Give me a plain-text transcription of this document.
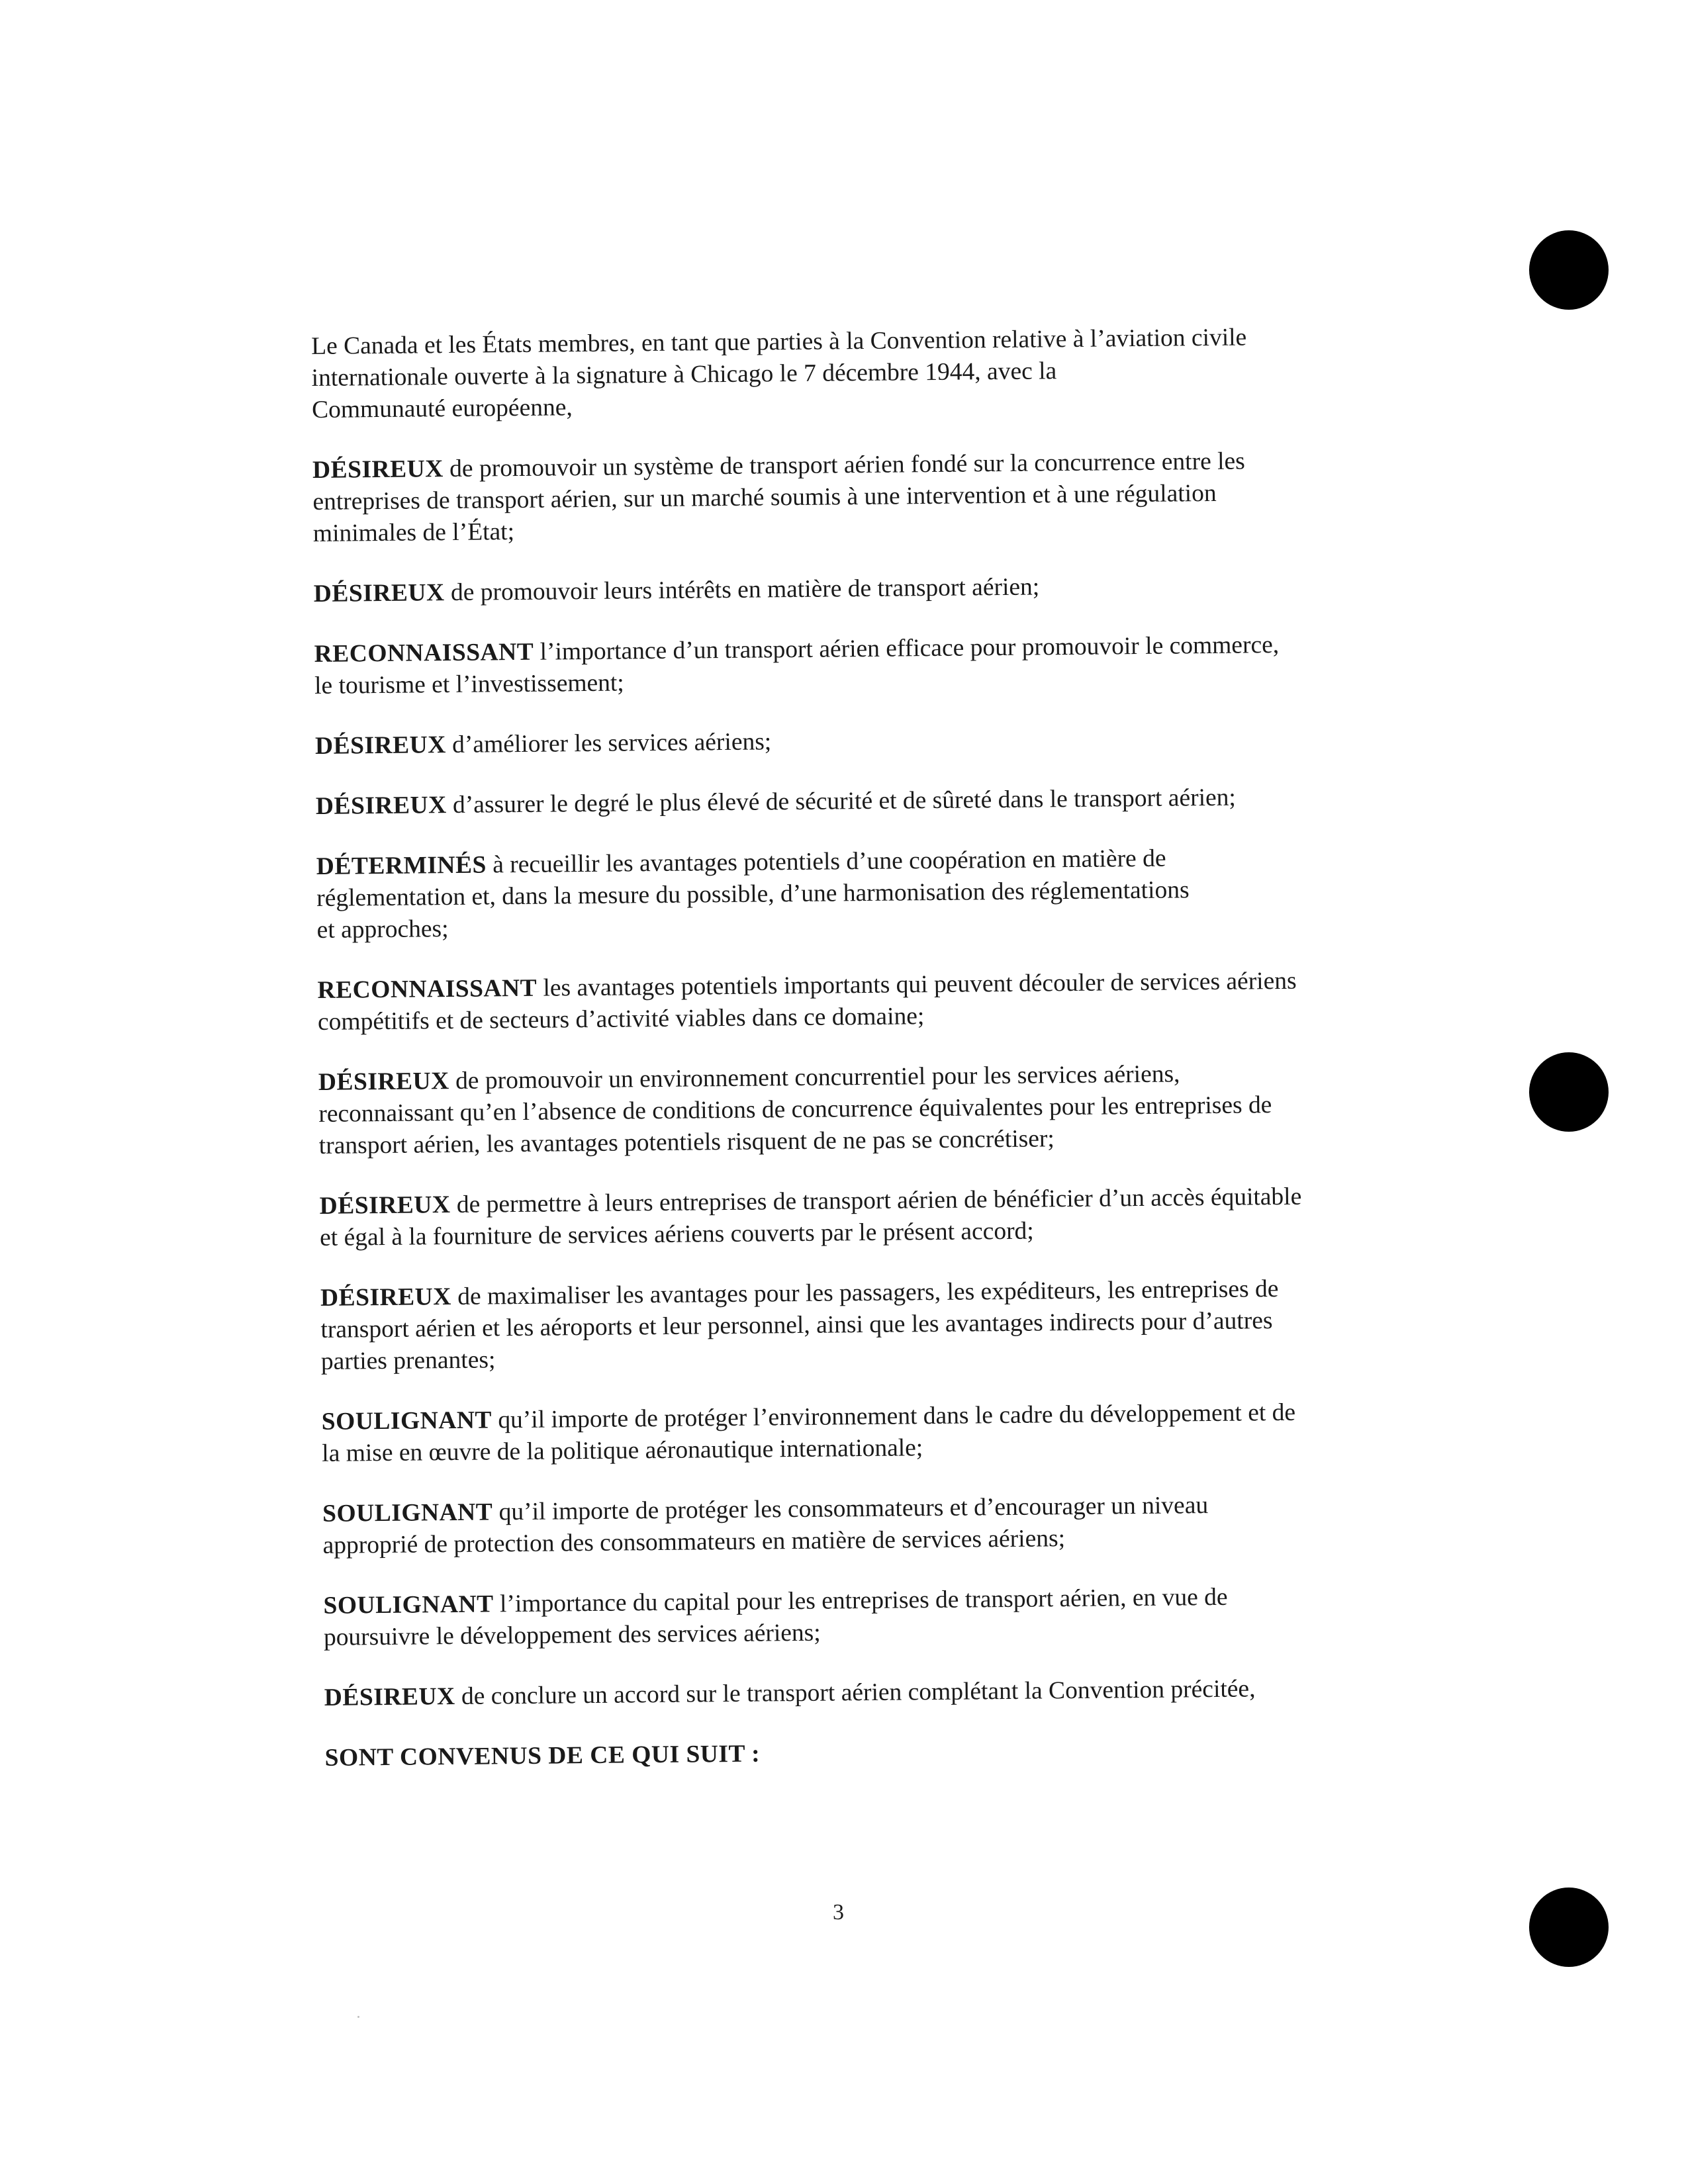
Le Canada et les États membres, en tant que parties à la Convention relative à l’aviation civile
internationale ouverte à la signature à Chicago le 7 décembre 1944, avec la
Communauté européenne,

DÉSIREUX de promouvoir un système de transport aérien fondé sur la concurrence entre les
entreprises de transport aérien, sur un marché soumis à une intervention et à une régulation
minimales de l’État;

DÉSIREUX de promouvoir leurs intérêts en matière de transport aérien;

RECONNAISSANT l’importance d’un transport aérien efficace pour promouvoir le commerce,
le tourisme et l’investissement;

DÉSIREUX d’améliorer les services aériens;

DÉSIREUX d’assurer le degré le plus élevé de sécurité et de sûreté dans le transport aérien;

DÉTERMINÉS à recueillir les avantages potentiels d’une coopération en matière de
réglementation et, dans la mesure du possible, d’une harmonisation des réglementations
et approches;

RECONNAISSANT les avantages potentiels importants qui peuvent découler de services aériens
compétitifs et de secteurs d’activité viables dans ce domaine;

DÉSIREUX de promouvoir un environnement concurrentiel pour les services aériens,
reconnaissant qu’en l’absence de conditions de concurrence équivalentes pour les entreprises de
transport aérien, les avantages potentiels risquent de ne pas se concrétiser;

DÉSIREUX de permettre à leurs entreprises de transport aérien de bénéficier d’un accès équitable
et égal à la fourniture de services aériens couverts par le présent accord;

DÉSIREUX de maximaliser les avantages pour les passagers, les expéditeurs, les entreprises de
transport aérien et les aéroports et leur personnel, ainsi que les avantages indirects pour d’autres
parties prenantes;

SOULIGNANT qu’il importe de protéger l’environnement dans le cadre du développement et de
la mise en œuvre de la politique aéronautique internationale;

SOULIGNANT qu’il importe de protéger les consommateurs et d’encourager un niveau
approprié de protection des consommateurs en matière de services aériens;

SOULIGNANT l’importance du capital pour les entreprises de transport aérien, en vue de
poursuivre le développement des services aériens;

DÉSIREUX de conclure un accord sur le transport aérien complétant la Convention précitée,

SONT CONVENUS DE CE QUI SUIT :

3
